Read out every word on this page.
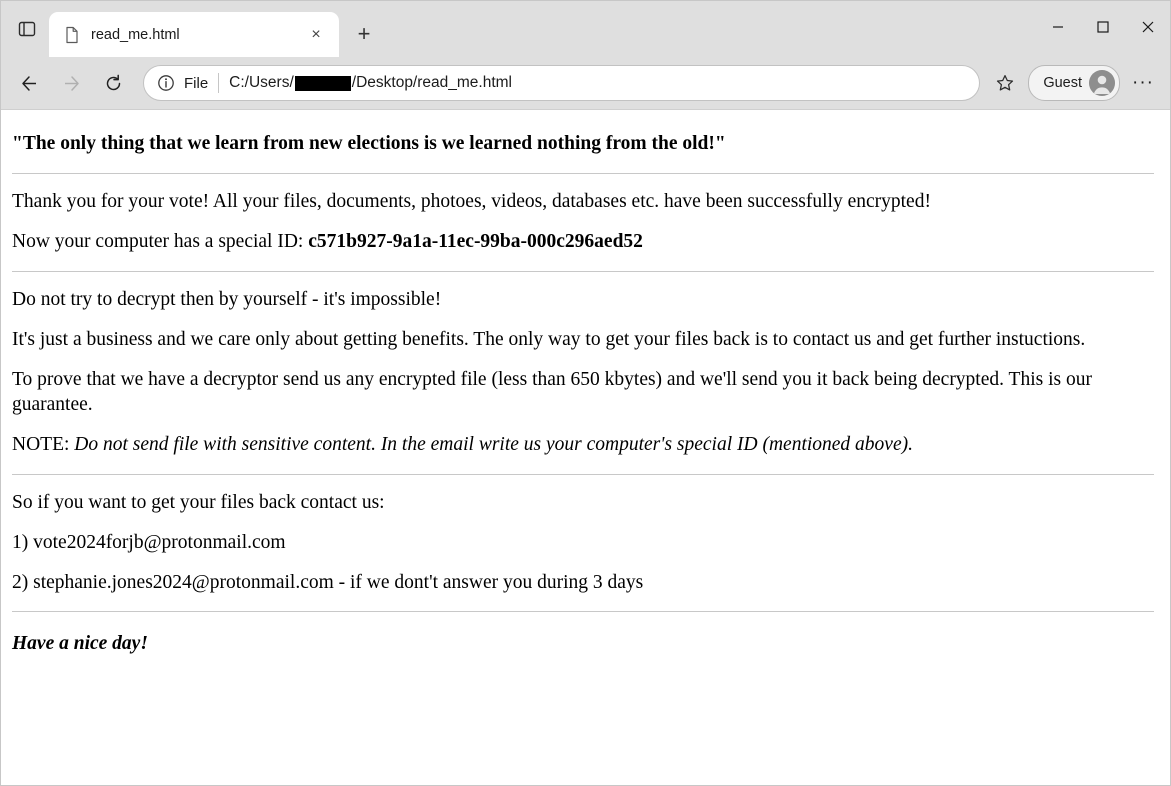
read_me.html	×	+
File C:/Users/	/Desktop/read_me.html	Guest	···
"The only thing that we learn from new elections is we learned nothing from the old!"

Thank you for your vote! All your files, documents, photoes, videos, databases etc. have been successfully encrypted!

Now your computer has a special ID: c571b927-9a1a-11ec-99ba-000c296aed52

Do not try to decrypt then by yourself - it's impossible!

It's just a business and we care only about getting benefits. The only way to get your files back is to contact us and get further instuctions.

To prove that we have a decryptor send us any encrypted file (less than 650 kbytes) and we'll send you it back being decrypted. This is our guarantee.

NOTE: Do not send file with sensitive content. In the email write us your computer's special ID (mentioned above).

So if you want to get your files back contact us:

1) vote2024forjb@protonmail.com

2) stephanie.jones2024@protonmail.com - if we dont't answer you during 3 days

Have a nice day!
